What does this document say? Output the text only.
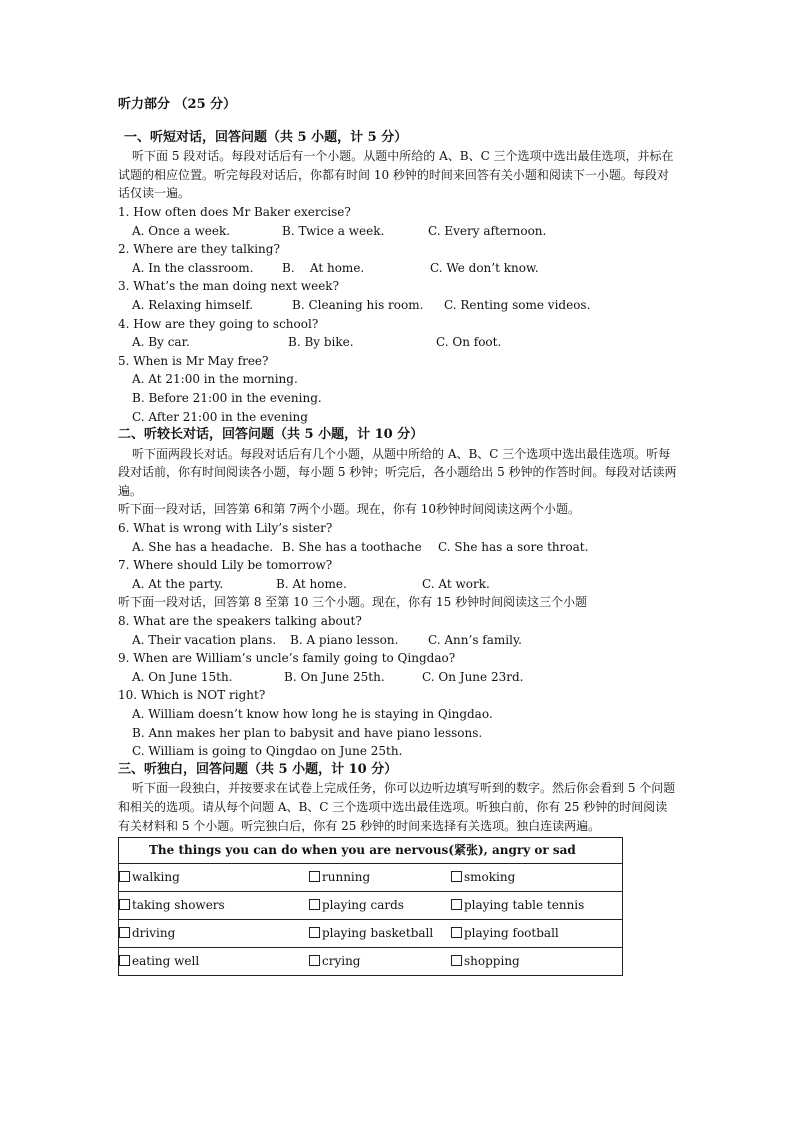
听力部分 （25 分）
一、听短对话，回答问题（共 5 小题，计 5 分）
听下面 5 段对话。每段对话后有一个小题。从题中所给的 A、B、C 三个选项中选出最佳选项，并标在试题的相应位置。听完每段对话后，你都有时间 10 秒钟的时间来回答有关小题和阅读下一小题。每段对话仅读一遍。
1. How often does Mr Baker exercise?
A. Once a week.	B. Twice a week.	C. Every afternoon.
2. Where are they talking?
A. In the classroom. B.    At home.	C. We don’t know.
3. What’s the man doing next week?
A. Relaxing himself.	B. Cleaning his room. C. Renting some videos.
4. How are they going to school?
A. By car.	B. By bike.	C. On foot.
5. When is Mr May free?
A. At 21:00 in the morning.
B. Before 21:00 in the evening.
C. After 21:00 in the evening
二、听较长对话，回答问题（共 5 小题，计 10 分）
听下面两段长对话。每段对话后有几个小题，从题中所给的 A、B、C 三个选项中选出最佳选项。听每段对话前，你有时间阅读各小题，每小题 5 秒钟；听完后，各小题给出 5 秒钟的作答时间。每段对话读两遍。
听下面一段对话，回答第 6和第 7两个小题。现在，你有 10秒钟时间阅读这两个小题。
6. What is wrong with Lily’s sister?
A. She has a headache. B. She has a toothache C. She has a sore throat.
7. Where should Lily be tomorrow?
A. At the party.	B. At home.	C. At work.
听下面一段对话，回答第 8 至第 10 三个小题。现在，你有 15 秒钟时间阅读这三个小题
8. What are the speakers talking about?
A. Their vacation plans. B. A piano lesson. C. Ann’s family.
9. When are William’s uncle’s family going to Qingdao?
A. On June 15th.	B. On June 25th.	C. On June 23rd.
10. Which is NOT right?
A. William doesn’t know how long he is staying in Qingdao.
B. Ann makes her plan to babysit and have piano lessons.
C. William is going to Qingdao on June 25th.
三、听独白，回答问题（共 5 小题，计 10 分）
听下面一段独白，并按要求在试卷上完成任务，你可以边听边填写听到的数字。然后你会看到 5 个问题和相关的选项。请从每个问题 A、B、C 三个选项中选出最佳选项。听独白前，你有 25 秒钟的时间阅读有关材料和 5 个小题。听完独白后，你有 25 秒钟的时间来选择有关选项。独白连读两遍。
The things you can do when you are nervous(紧张), angry or sad		
walking	running	smoking
taking showers	playing cards	playing table tennis
driving	playing basketball	playing football
eating well	crying	shopping
